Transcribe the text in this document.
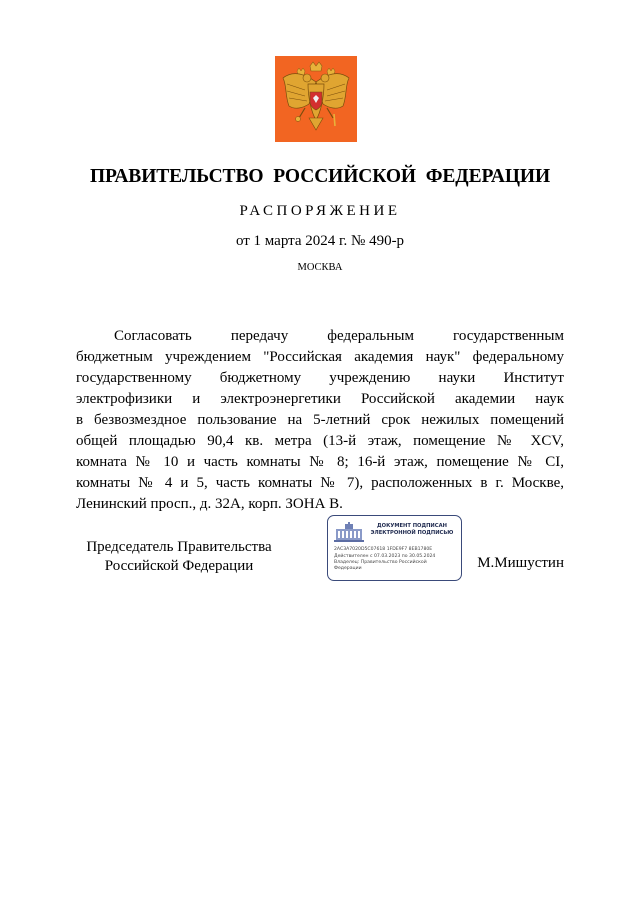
ПРАВИТЕЛЬСТВО РОССИЙСКОЙ ФЕДЕРАЦИИ
РАСПОРЯЖЕНИЕ
от 1 марта 2024 г. № 490-р
МОСКВА
Согласовать передачу федеральным государственным
бюджетным учреждением "Российская академия наук" федеральному
государственному бюджетному учреждению науки Институт
электрофизики и электроэнергетики Российской академии наук
в безвозмездное пользование на 5-летний срок нежилых помещений
общей площадью 90,4 кв. метра (13-й этаж, помещение № XCV,
комната № 10 и часть комнаты № 8; 16-й этаж, помещение № CI,
комнаты № 4 и 5, часть комнаты № 7), расположенных в г. Москве,
Ленинский просп., д. 32А, корп. ЗОНА В.
Председатель Правительства
Российской Федерации
ДОКУМЕНТ ПОДПИСАН
ЭЛЕКТРОННОЙ ПОДПИСЬЮ
2AC3A7020D5C07618 1FDE9F7 8EB1780E
Действителен с 07.03.2023 по 30.05.2024
Владелец: Правительство Российской Федерации	М.Мишустин
